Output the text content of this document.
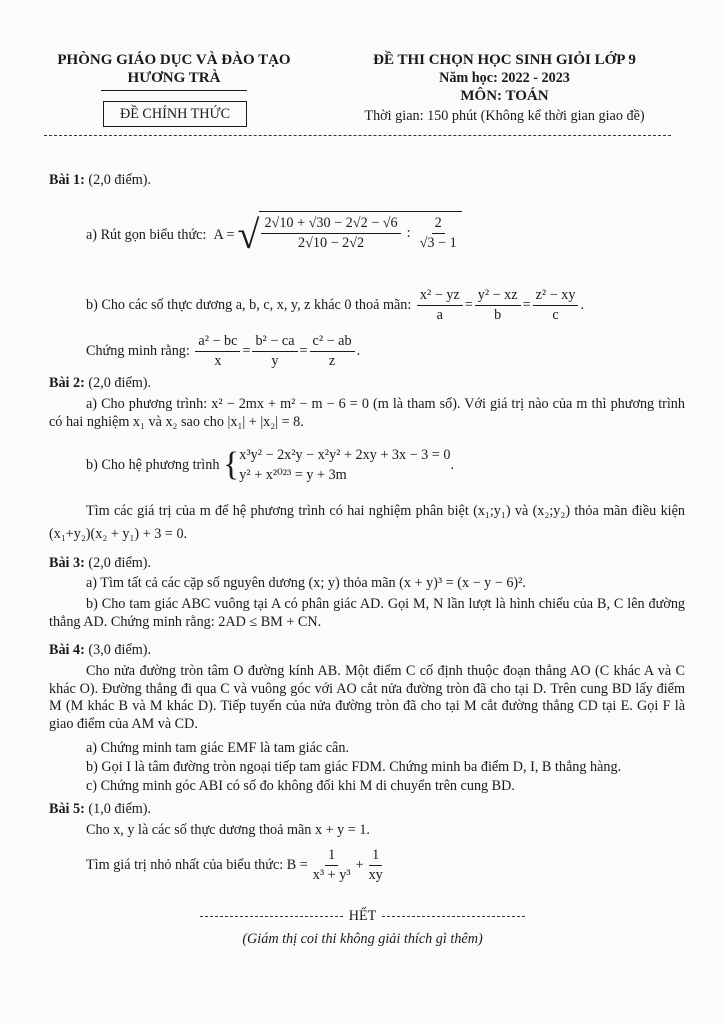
PHÒNG GIÁO DỤC VÀ ĐÀO TẠO
HƯƠNG TRÀ
ĐỀ CHÍNH THỨC
ĐỀ THI CHỌN HỌC SINH GIỎI LỚP 9
Năm học: 2022 - 2023
MÔN: TOÁN
Thời gian: 150 phút (Không kể thời gian giao đề)
Bài 1: (2,0 điểm).
a) Rút gọn biểu thức:
A = √ $\frac{2√10 + √30 - 2√2 - √6}{2√10 - 2√2}$ : $\frac{2}{√3 - 1}$
b) Cho các số thực dương a, b, c, x, y, z khác 0 thoả mãn:
$\frac{\text{x² − yz}}{a} = \frac{\text{y² − xz}}{b} = \frac{\text{z² − xy}}{c}$ .
Chứng minh rằng:
$\frac{\text{a² − bc}}{x} = \frac{\text{b² − ca}}{y} = \frac{\text{c² − ab}}{z}$ .
Bài 2: (2,0 điểm).
a) Cho phương trình: x² − 2mx + m² − m − 6 = 0 (m là tham số). Với giá trị nào của m thì phương trình có hai nghiệm x₁ và x₂ sao cho |x₁| + |x₂| = 8.
b) Cho hệ phương trình
{ x³y² − 2x²y − x²y² + 2xy + 3x − 3 = 0
y² + x²⁰²³ = y + 3m
.
Tìm các giá trị của m để hệ phương trình có hai nghiệm phân biệt (x₁;y₁) và (x₂;y₂) thỏa mãn điều kiện (x₁+y₂)(x₂ + y₁) + 3 = 0.
Bài 3: (2,0 điểm).
a) Tìm tất cả các cặp số nguyên dương (x; y) thỏa mãn (x + y)³ = (x − y − 6)².
b) Cho tam giác ABC vuông tại A có phân giác AD. Gọi M, N lần lượt là hình chiếu của B, C lên đường thẳng AD. Chứng minh rằng: 2AD ≤ BM + CN.
Bài 4: (3,0 điểm).
Cho nửa đường tròn tâm O đường kính AB. Một điểm C cố định thuộc đoạn thẳng AO (C khác A và C khác O). Đường thẳng đi qua C và vuông góc với AO cắt nửa đường tròn đã cho tại D. Trên cung BD lấy điểm M (M khác B và M khác D). Tiếp tuyến của nửa đường tròn đã cho tại M cắt đường thẳng CD tại E. Gọi F là giao điểm của AM và CD.
a) Chứng minh tam giác EMF là tam giác cân.
b) Gọi I là tâm đường tròn ngoại tiếp tam giác FDM. Chứng minh ba điểm D, I, B thẳng hàng.
c) Chứng minh góc ABI có số đo không đổi khi M di chuyển trên cung BD.
Bài 5: (1,0 điểm).
Cho x, y là các số thực dương thoả mãn x + y = 1.
Tìm giá trị nhỏ nhất của biểu thức:
$B = \frac{1}{\text{x³ + y³}} + \frac{1}{xy}$
HẾT
(Giám thị coi thi không giải thích gì thêm)
